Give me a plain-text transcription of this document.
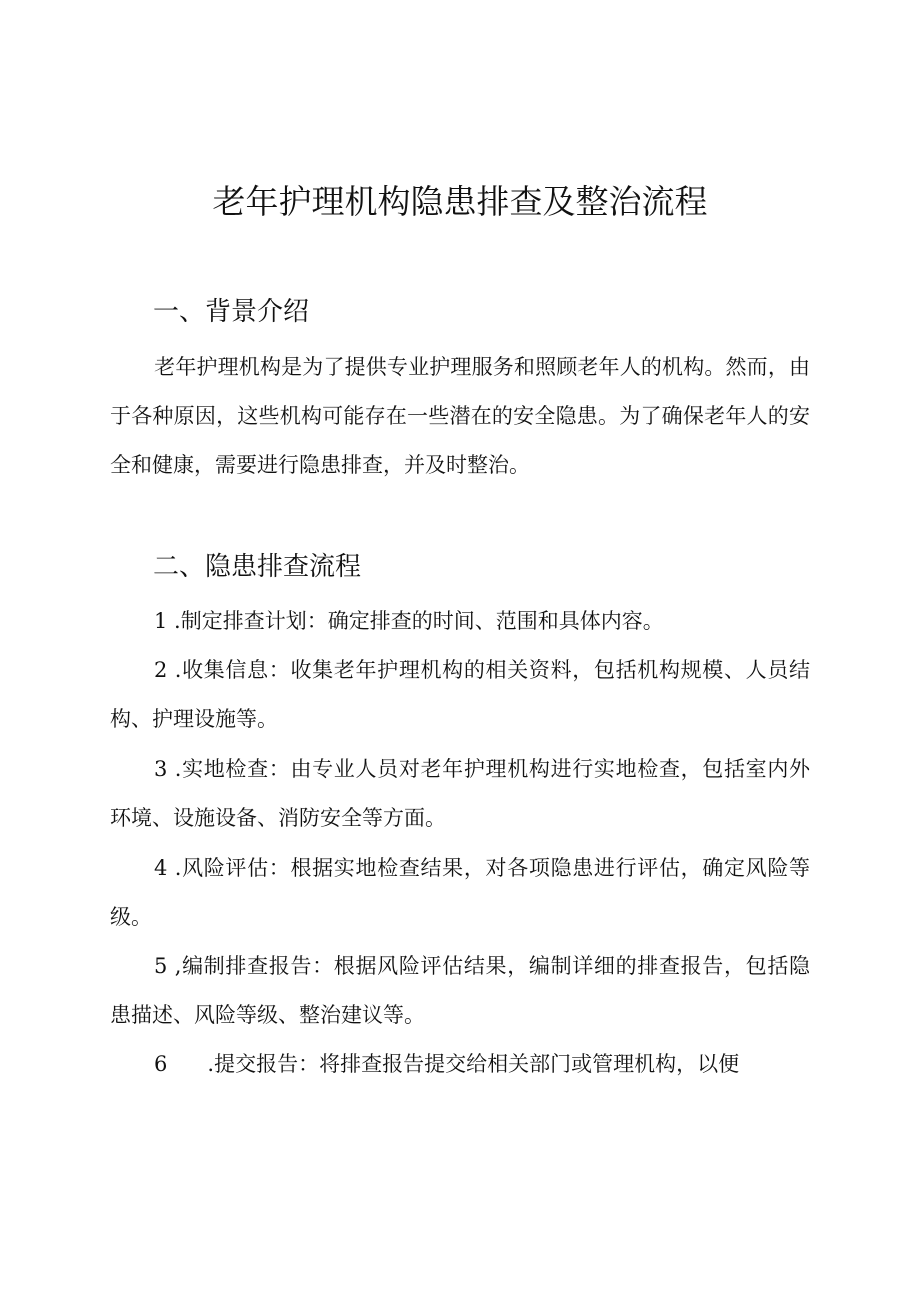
老年护理机构隐患排查及整治流程
一、背景介绍

老年护理机构是为了提供专业护理服务和照顾老年人的机构。然而，由于各种原因，这些机构可能存在一些潜在的安全隐患。为了确保老年人的安全和健康，需要进行隐患排查，并及时整治。

二、隐患排查流程

1 .制定排查计划：确定排查的时间、范围和具体内容。

2 .收集信息：收集老年护理机构的相关资料，包括机构规模、人员结构、护理设施等。

3 .实地检查：由专业人员对老年护理机构进行实地检查，包括室内外环境、设施设备、消防安全等方面。

4 .风险评估：根据实地检查结果，对各项隐患进行评估，确定风险等级。

5 ,编制排查报告：根据风险评估结果，编制详细的排查报告，包括隐患描述、风险等级、整治建议等。

6      .提交报告：将排查报告提交给相关部门或管理机构，以便
